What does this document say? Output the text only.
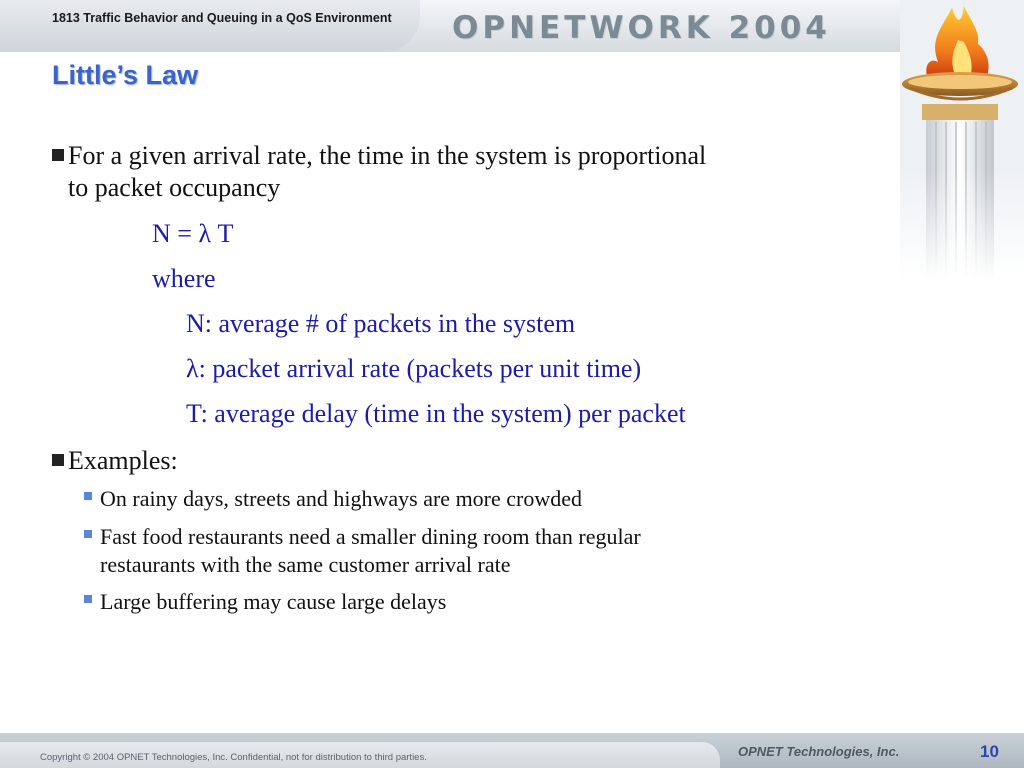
1813 Traffic Behavior and Queuing in a QoS Environment OPNETWORK 2004
Little’s Law
For a given arrival rate, the time in the system is proportional
to packet occupancy
N = λ T
where
N: average # of packets in the system
λ: packet arrival rate (packets per unit time)
T: average delay (time in the system) per packet
Examples:
On rainy days, streets and highways are more crowded
Fast food restaurants need a smaller dining room than regular
restaurants with the same customer arrival rate
Large buffering may cause large delays
Copyright © 2004 OPNET Technologies, Inc. Confidential, not for distribution to third parties.	OPNET Technologies, Inc.	10
